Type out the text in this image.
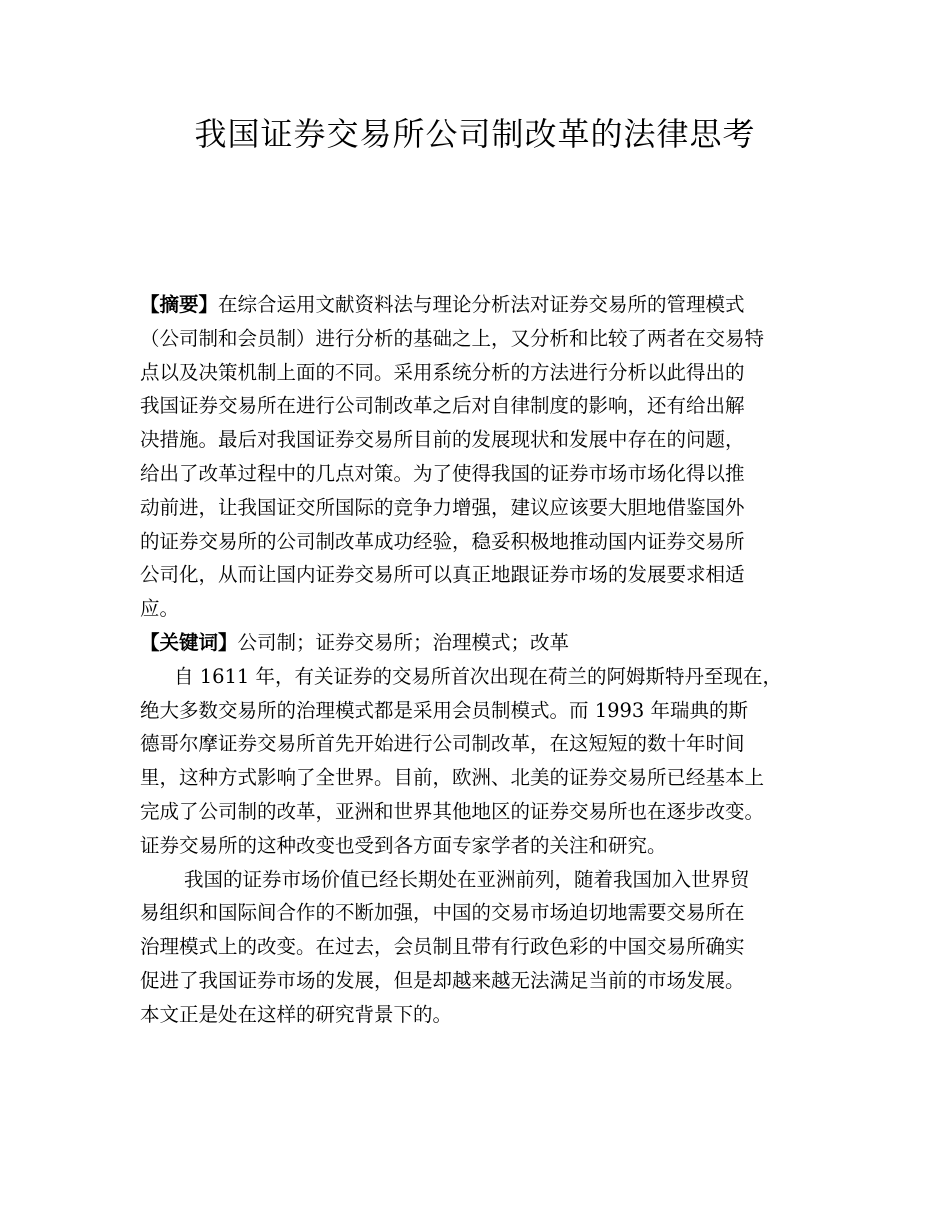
我国证券交易所公司制改革的法律思考
【摘要】在综合运用文献资料法与理论分析法对证券交易所的管理模式
（公司制和会员制）进行分析的基础之上，又分析和比较了两者在交易特
点以及决策机制上面的不同。采用系统分析的方法进行分析以此得出的
我国证券交易所在进行公司制改革之后对自律制度的影响，还有给出解
决措施。最后对我国证券交易所目前的发展现状和发展中存在的问题，
给出了改革过程中的几点对策。为了使得我国的证券市场市场化得以推
动前进，让我国证交所国际的竞争力增强，建议应该要大胆地借鉴国外
的证券交易所的公司制改革成功经验，稳妥积极地推动国内证券交易所
公司化，从而让国内证券交易所可以真正地跟证券市场的发展要求相适
应。
【关键词】公司制；证券交易所；治理模式；改革
自 1611 年，有关证券的交易所首次出现在荷兰的阿姆斯特丹至现在，
绝大多数交易所的治理模式都是采用会员制模式。而 1993 年瑞典的斯
德哥尔摩证券交易所首先开始进行公司制改革，在这短短的数十年时间
里，这种方式影响了全世界。目前，欧洲、北美的证券交易所已经基本上
完成了公司制的改革，亚洲和世界其他地区的证券交易所也在逐步改变。
证券交易所的这种改变也受到各方面专家学者的关注和研究。
我国的证券市场价值已经长期处在亚洲前列，随着我国加入世界贸
易组织和国际间合作的不断加强，中国的交易市场迫切地需要交易所在
治理模式上的改变。在过去，会员制且带有行政色彩的中国交易所确实
促进了我国证券市场的发展，但是却越来越无法满足当前的市场发展。
本文正是处在这样的研究背景下的。
